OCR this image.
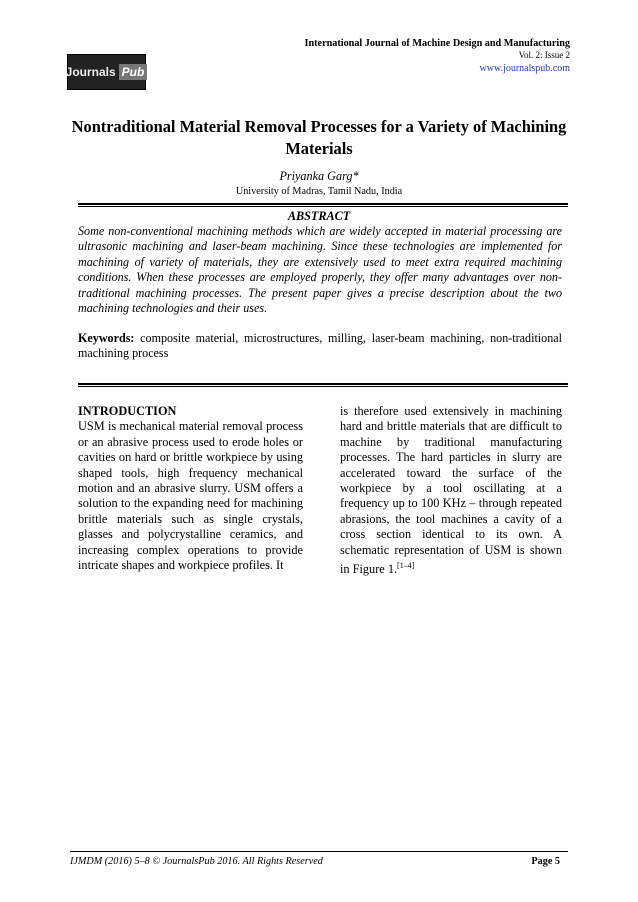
Journals Pub
International Journal of Machine Design and Manufacturing
Vol. 2: Issue 2
www.journalspub.com
Nontraditional Material Removal Processes for a Variety of Machining Materials
Priyanka Garg*
University of Madras, Tamil Nadu, India
ABSTRACT
Some non-conventional machining methods which are widely accepted in material processing are ultrasonic machining and laser-beam machining. Since these technologies are implemented for machining of variety of materials, they are extensively used to meet extra required machining conditions. When these processes are employed properly, they offer many advantages over non-traditional machining processes. The present paper gives a precise description about the two machining technologies and their uses.
Keywords: composite material, microstructures, milling, laser-beam machining, non-traditional machining process
INTRODUCTION
USM is mechanical material removal process or an abrasive process used to erode holes or cavities on hard or brittle workpiece by using shaped tools, high frequency mechanical motion and an abrasive slurry. USM offers a solution to the expanding need for machining brittle materials such as single crystals, glasses and polycrystalline ceramics, and increasing complex operations to provide intricate shapes and workpiece profiles. It
is therefore used extensively in machining hard and brittle materials that are difficult to machine by traditional manufacturing processes. The hard particles in slurry are accelerated toward the surface of the workpiece by a tool oscillating at a frequency up to 100 KHz – through repeated abrasions, the tool machines a cavity of a cross section identical to its own. A schematic representation of USM is shown in Figure 1.[1–4]
IJMDM (2016) 5–8 © JournalsPub 2016. All Rights Reserved	Page 5
